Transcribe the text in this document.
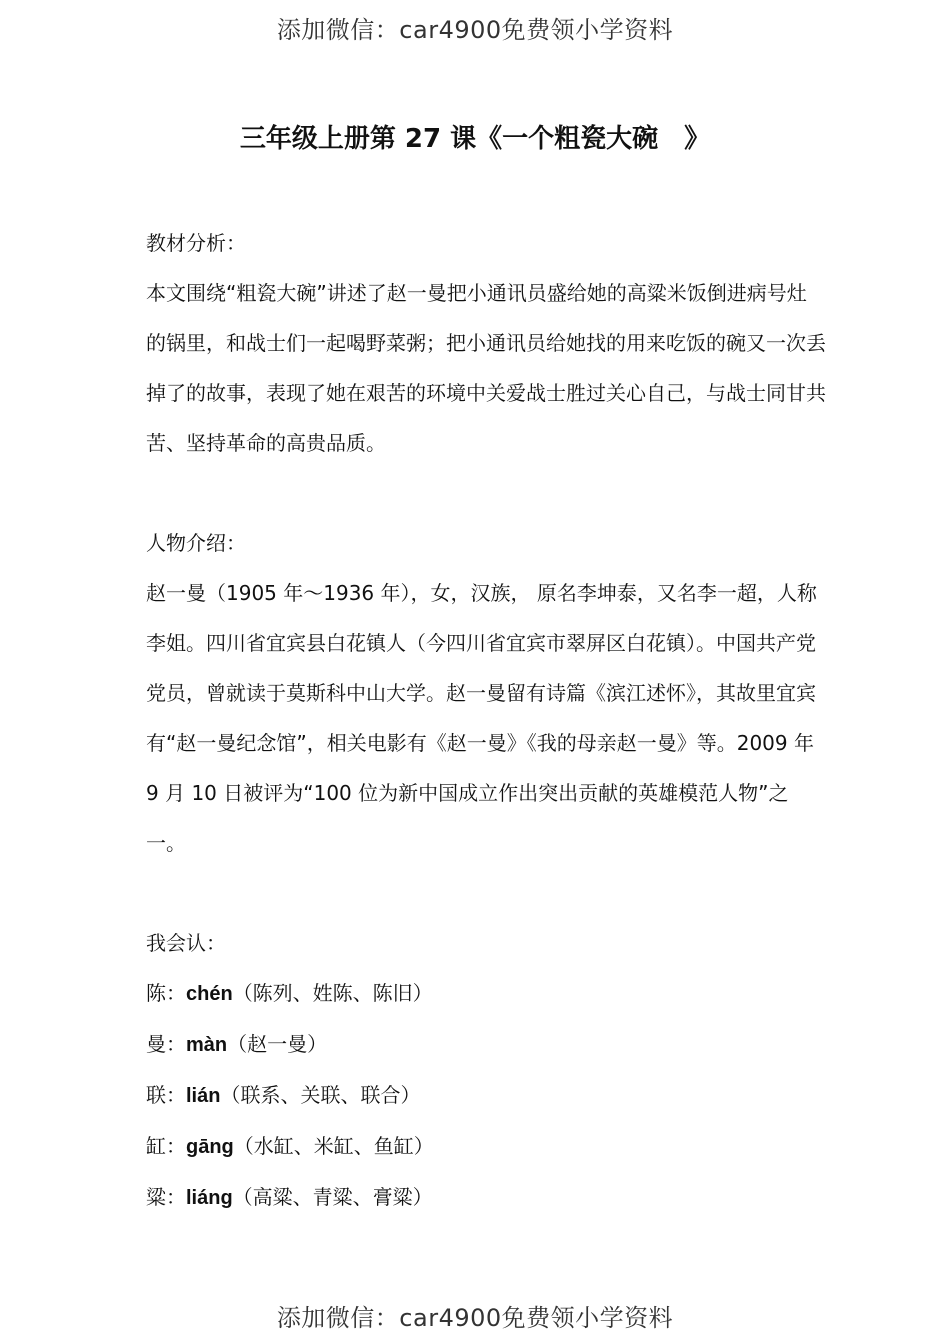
添加微信：car4900免费领小学资料
三年级上册第 27 课《一个粗瓷大碗　》

教材分析：

本文围绕“粗瓷大碗”讲述了赵一曼把小通讯员盛给她的高粱米饭倒进病号灶的锅里，和战士们一起喝野菜粥；把小通讯员给她找的用来吃饭的碗又一次丢掉了的故事，表现了她在艰苦的环境中关爱战士胜过关心自己，与战士同甘共苦、坚持革命的高贵品质。

人物介绍：

赵一曼（1905 年～1936 年），女，汉族， 原名李坤泰，又名李一超，人称李姐。四川省宜宾县白花镇人（今四川省宜宾市翠屏区白花镇）。中国共产党党员，曾就读于莫斯科中山大学。赵一曼留有诗篇《滨江述怀》，其故里宜宾有“赵一曼纪念馆”，相关电影有《赵一曼》《我的母亲赵一曼》等。2009 年 9 月 10 日被评为“100 位为新中国成立作出突出贡献的英雄模范人物”之一。

我会认：

陈：chén（陈列、姓陈、陈旧）
曼：màn（赵一曼）
联：lián（联系、关联、联合）
缸：gāng（水缸、米缸、鱼缸）
粱：liáng（高粱、青粱、膏粱）
添加微信：car4900免费领小学资料
